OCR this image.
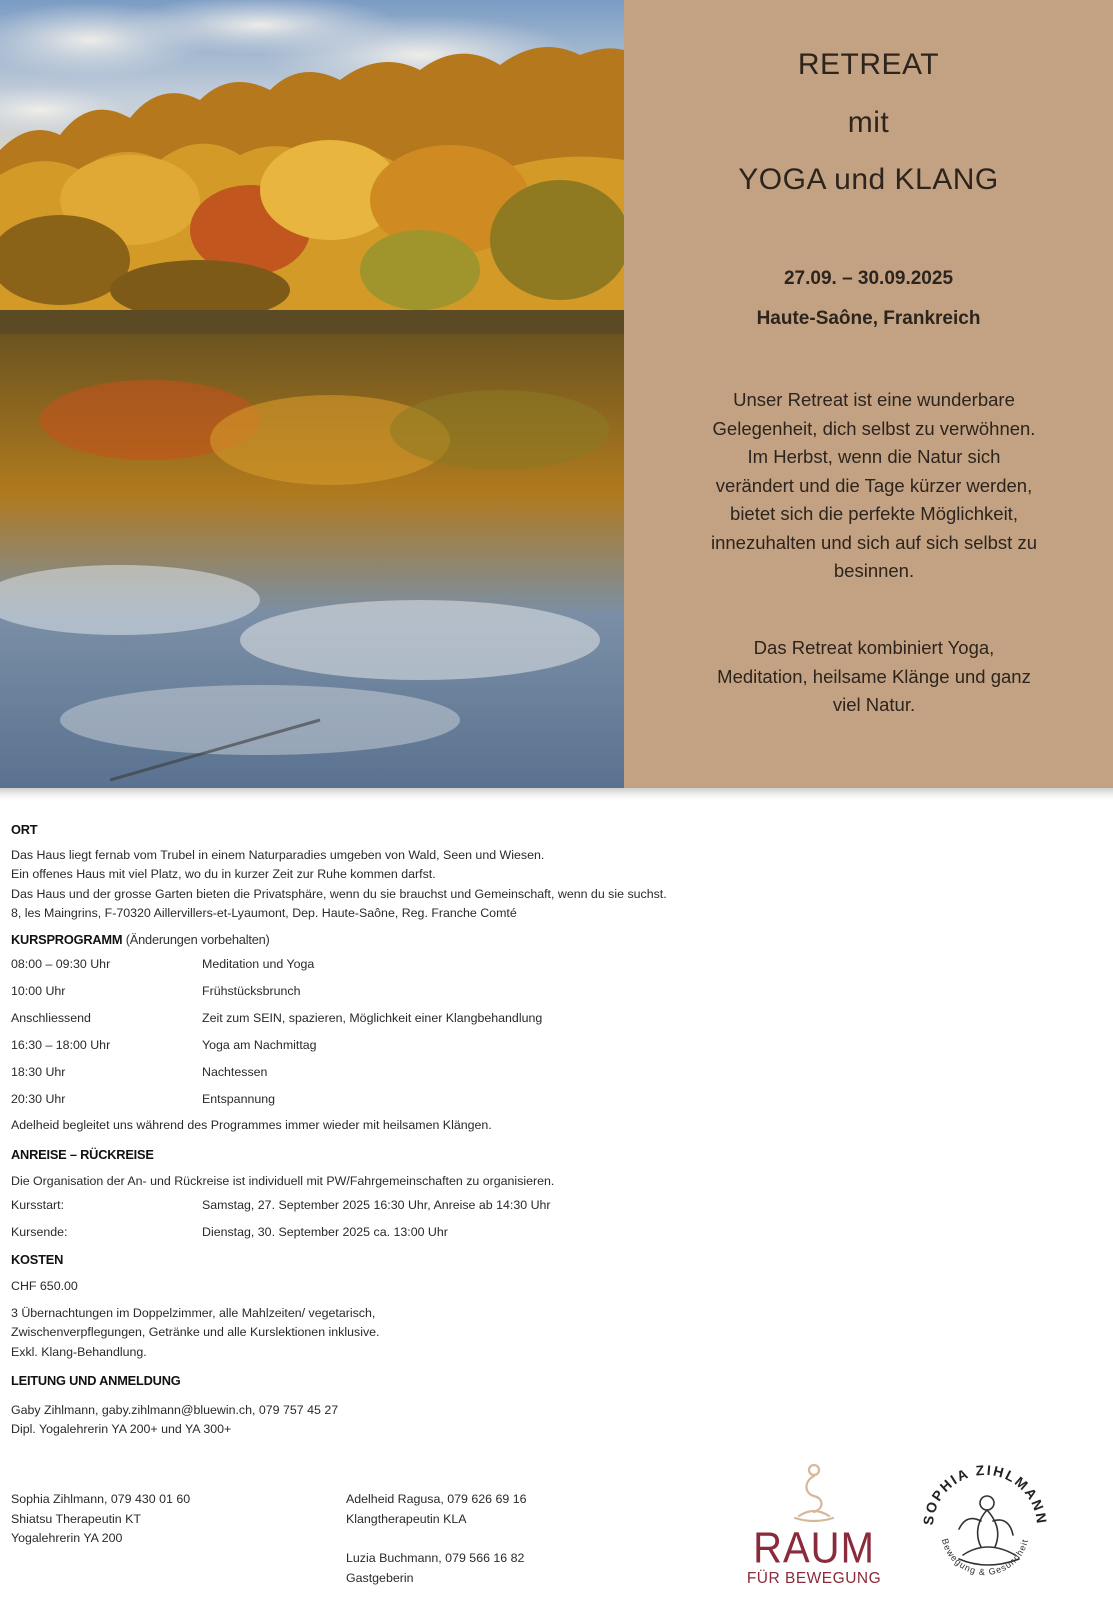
RETREAT
mit
YOGA und KLANG
27.09. – 30.09.2025
Haute-Saône, Frankreich
Unser Retreat ist eine wunderbare
Gelegenheit, dich selbst zu verwöhnen.
Im Herbst, wenn die Natur sich
verändert und die Tage kürzer werden,
bietet sich die perfekte Möglichkeit,
innezuhalten und sich auf sich selbst zu
besinnen.
Das Retreat kombiniert Yoga,
Meditation, heilsame Klänge und ganz
viel Natur.
ORT
Das Haus liegt fernab vom Trubel in einem Naturparadies umgeben von Wald, Seen und Wiesen.
Ein offenes Haus mit viel Platz, wo du in kurzer Zeit zur Ruhe kommen darfst.
Das Haus und der grosse Garten bieten die Privatsphäre, wenn du sie brauchst und Gemeinschaft, wenn du sie suchst.
8, les Maingrins, F-70320 Aillervillers-et-Lyaumont, Dep. Haute-Saône, Reg. Franche Comté
KURSPROGRAMM (Änderungen vorbehalten)
08:00 – 09:30 Uhr	Meditation und Yoga
10:00 Uhr	Frühstücksbrunch
Anschliessend	Zeit zum SEIN, spazieren, Möglichkeit einer Klangbehandlung
16:30 – 18:00 Uhr	Yoga am Nachmittag
18:30 Uhr	Nachtessen
20:30 Uhr	Entspannung
Adelheid begleitet uns während des Programmes immer wieder mit heilsamen Klängen.
ANREISE – RÜCKREISE
Die Organisation der An- und Rückreise ist individuell mit PW/Fahrgemeinschaften zu organisieren.
Kursstart:	Samstag, 27. September 2025 16:30 Uhr, Anreise ab 14:30 Uhr
Kursende:	Dienstag, 30. September 2025 ca. 13:00 Uhr
KOSTEN
CHF 650.00
3 Übernachtungen im Doppelzimmer, alle Mahlzeiten/ vegetarisch,
Zwischenverpflegungen, Getränke und alle Kurslektionen inklusive.
Exkl. Klang-Behandlung.
LEITUNG UND ANMELDUNG
Gaby Zihlmann, gaby.zihlmann@bluewin.ch, 079 757 45 27
Dipl. Yogalehrerin YA 200+ und YA 300+
Sophia Zihlmann, 079 430 01 60
Shiatsu Therapeutin KT
Yogalehrerin YA 200
Adelheid Ragusa, 079 626 69 16
Klangtherapeutin KLA
Luzia Buchmann, 079 566 16 82
Gastgeberin
RAUM
FÜR BEWEGUNG
SOPHIA ZIHLMANN
Bewegung & Gesundheit
